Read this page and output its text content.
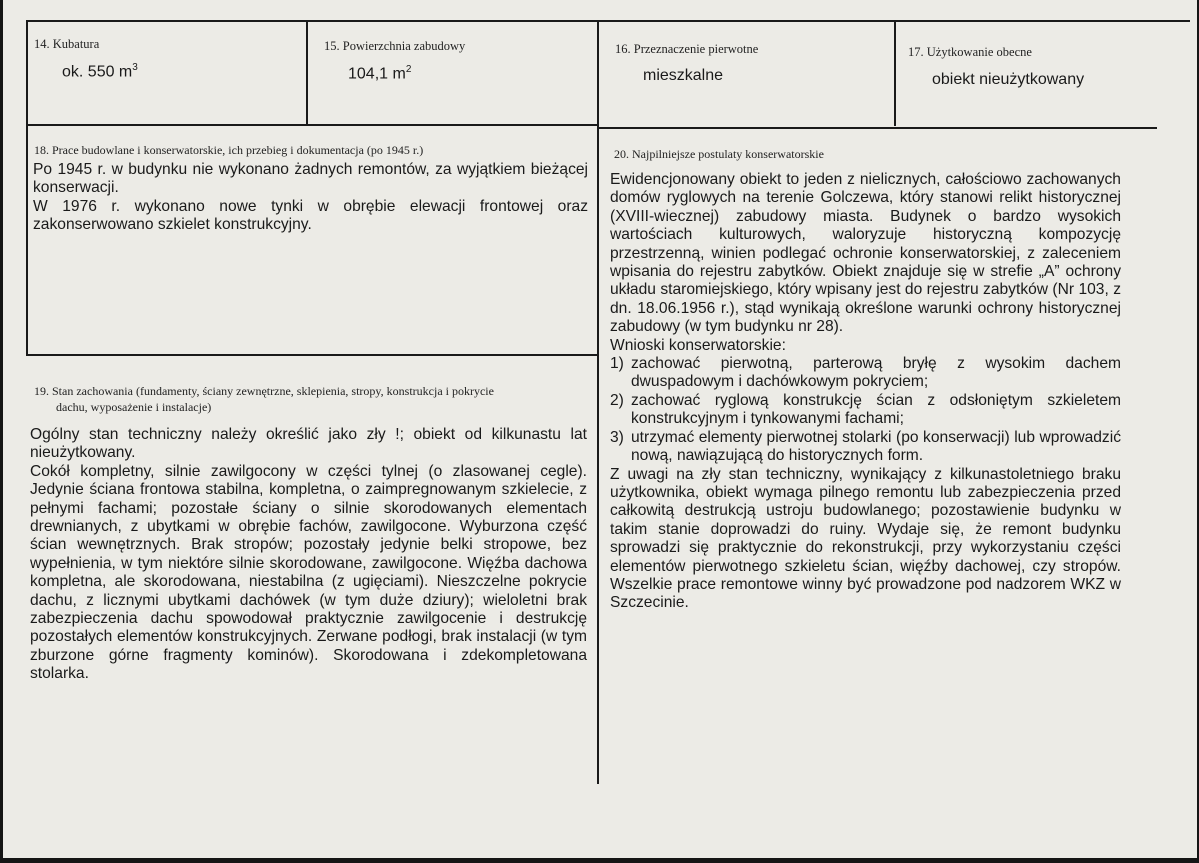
14. Kubatura
ok. 550 $m^3$
15. Powierzchnia zabudowy
104,1 $m^2$
16. Przeznaczenie pierwotne
mieszkalne
17. Użytkowanie obecne
obiekt nieużytkowany
18. Prace budowlane i konserwatorskie, ich przebieg i dokumentacja (po 1945 r.)

Po 1945 r. w budynku nie wykonano żadnych remontów, za wyjątkiem bieżącej konserwacji.

W 1976 r. wykonano nowe tynki w obrębie elewacji frontowej oraz zakonserwowano szkielet konstrukcyjny.

19. Stan zachowania (fundamenty, ściany zewnętrzne, sklepienia, stropy, konstrukcja i pokrycie
dachu, wyposażenie i instalacje)

Ogólny stan techniczny należy określić jako zły !; obiekt od kilkunastu lat nieużytkowany.

Cokół kompletny, silnie zawilgocony w części tylnej (o zlasowanej cegle). Jedynie ściana frontowa stabilna, kompletna, o zaimpregnowanym szkielecie, z pełnymi fachami; pozostałe ściany o silnie skorodowanych elementach drewnianych, z ubytkami w obrębie fachów, zawilgocone. Wyburzona część ścian wewnętrznych. Brak stropów; pozostały jedynie belki stropowe, bez wypełnienia, w tym niektóre silnie skorodowane, zawilgocone. Więźba dachowa kompletna, ale skorodowana, niestabilna (z ugięciami). Nieszczelne pokrycie dachu, z licznymi ubytkami dachówek (w tym duże dziury); wieloletni brak zabezpieczenia dachu spowodował praktycznie zawilgocenie i destrukcję pozostałych elementów konstrukcyjnych. Zerwane podłogi, brak instalacji (w tym zburzone górne fragmenty kominów). Skorodowana i zdekompletowana stolarka.

20. Najpilniejsze postulaty konserwatorskie

Ewidencjonowany obiekt to jeden z nielicznych, całościowo zachowanych domów ryglowych na terenie Golczewa, który stanowi relikt historycznej (XVIII-wiecznej) zabudowy miasta. Budynek o bardzo wysokich wartościach kulturowych, waloryzuje historyczną kompozycję przestrzenną, winien podlegać ochronie konserwatorskiej, z zaleceniem wpisania do rejestru zabytków. Obiekt znajduje się w strefie „A” ochrony układu staromiejskiego, który wpisany jest do rejestru zabytków (Nr 103, z dn. 18.06.1956 r.), stąd wynikają określone warunki ochrony historycznej zabudowy (w tym budynku nr 28).

Wnioski konserwatorskie:

1) zachować pierwotną, parterową bryłę z wysokim dachem dwuspadowym i dachówkowym pokryciem;
2) zachować ryglową konstrukcję ścian z odsłoniętym szkieletem konstrukcyjnym i tynkowanymi fachami;
3) utrzymać elementy pierwotnej stolarki (po konserwacji) lub wprowadzić nową, nawiązującą do historycznych form.

Z uwagi na zły stan techniczny, wynikający z kilkunastoletniego braku użytkownika, obiekt wymaga pilnego remontu lub zabezpieczenia przed całkowitą destrukcją ustroju budowlanego; pozostawienie budynku w takim stanie doprowadzi do ruiny. Wydaje się, że remont budynku sprowadzi się praktycznie do rekonstrukcji, przy wykorzystaniu części elementów pierwotnego szkieletu ścian, więźby dachowej, czy stropów. Wszelkie prace remontowe winny być prowadzone pod nadzorem WKZ w Szczecinie.
